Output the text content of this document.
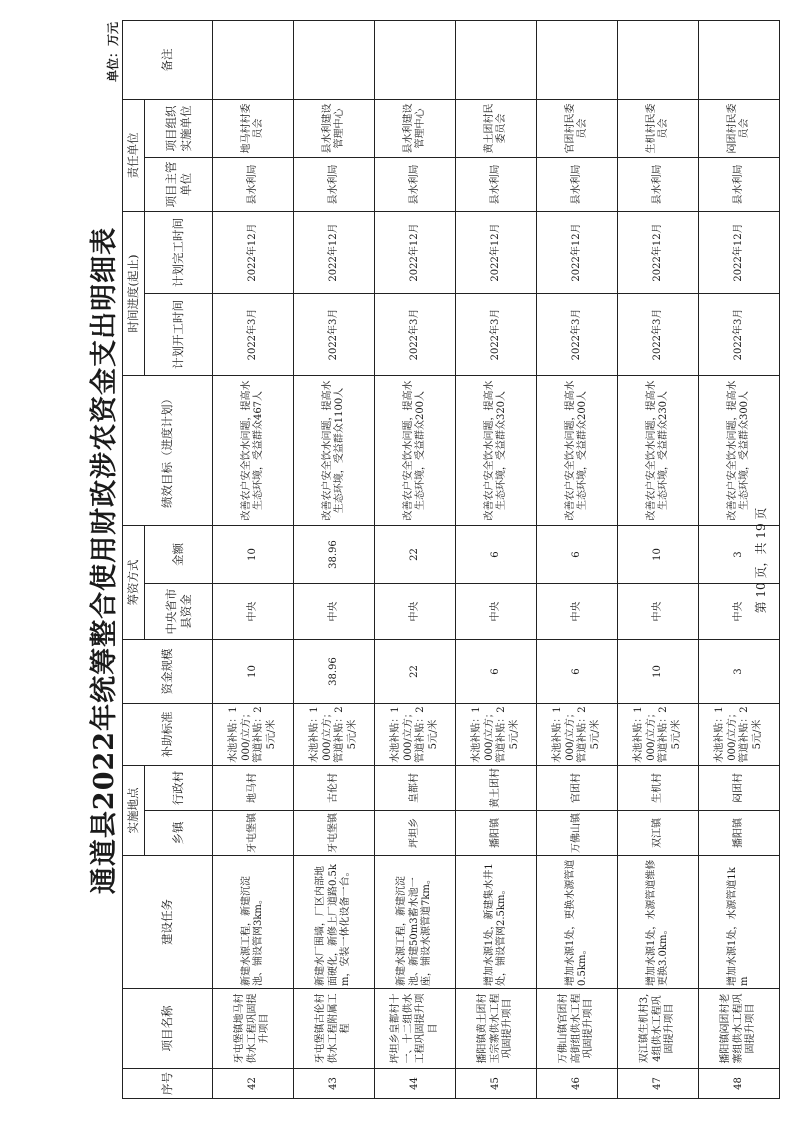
通道县2022年统筹整合使用财政涉农资金支出明细表
单位：万元
序号	项目名称	建设任务	实施地点		补助标准	资金规模	筹资方式		绩效目标（进度计划）	时间进度(起止)		责任单位		备注
			乡镇	行政村			中央省市县资金	金额		计划开工时间	计划完工时间	项目主管单位	项目组织实施单位	
42	牙屯堡镇地马村供水工程巩固提升项目	新建水源工程，新建沉淀池、铺设管网3km。	牙屯堡镇	地马村	水池补贴：1000/立方；管道补贴：25元/米	10	中央	10	改善农户安全饮水问题，提高水生态环境，受益群众467人	2022年3月	2022年12月	县水利局	地马村村委员会	
43	牙屯堡镇古伦村供水工程附属工程	新建水厂围墙，厂区内部地面硬化，新修上厂道路0.5km，安装一体化设备一台。	牙屯堡镇	古伦村	水池补贴：1000/立方；管道补贴：25元/米	38.96	中央	38.96	改善农户安全饮水问题，提高水生态环境，受益群众1100人	2022年3月	2022年12月	县水利局	县水利建设管理中心	
44	坪坦乡皇都村十一、十二组供水工程巩固提升项目	新建水源工程，新建沉淀池、新建50m3蓄水池一座，铺设水源管道7km。	坪坦乡	皇都村	水池补贴：1000/立方；管道补贴：25元/米	22	中央	22	改善农户安全饮水问题，提高水生态环境，受益群众200人	2022年3月	2022年12月	县水利局	县水利建设管理中心	
45	播阳镇黄土团村玉宗寨供水工程巩固提升项目	增加水源1处，新建集水井1处，铺设管网2.5km。	播阳镇	黄土团村	水池补贴：1000/立方；管道补贴：25元/米	6	中央	6	改善农户安全饮水问题，提高水生态环境，受益群众320人	2022年3月	2022年12月	县水利局	黄土团村民委员会	
46	万佛山镇官团村高街组供水工程巩固提升项目	增加水源1处，更换水源管道0.5km。	万佛山镇	官团村	水池补贴：1000/立方；管道补贴：25元/米	6	中央	6	改善农户安全饮水问题，提高水生态环境，受益群众200人	2022年3月	2022年12月	县水利局	官团村民委员会	
47	双江镇生机村3,4组供水工程巩固提升项目	增加水源1处，水源管道维修更换3.0km。	双江镇	生机村	水池补贴：1000/立方；管道补贴：25元/米	10	中央	10	改善农户安全饮水问题，提高水生态环境，受益群众230人	2022年3月	2022年12月	县水利局	生机村民委员会	
48	播阳镇闷团村老寨组供水工程巩固提升项目	增加水源1处，水源管道1km	播阳镇	闷团村	水池补贴：1000/立方；管道补贴：25元/米	3	中央	3	改善农户安全饮水问题，提高水生态环境，受益群众300人	2022年3月	2022年12月	县水利局	闷团村民委员会	
第 10 页，共 19 页
